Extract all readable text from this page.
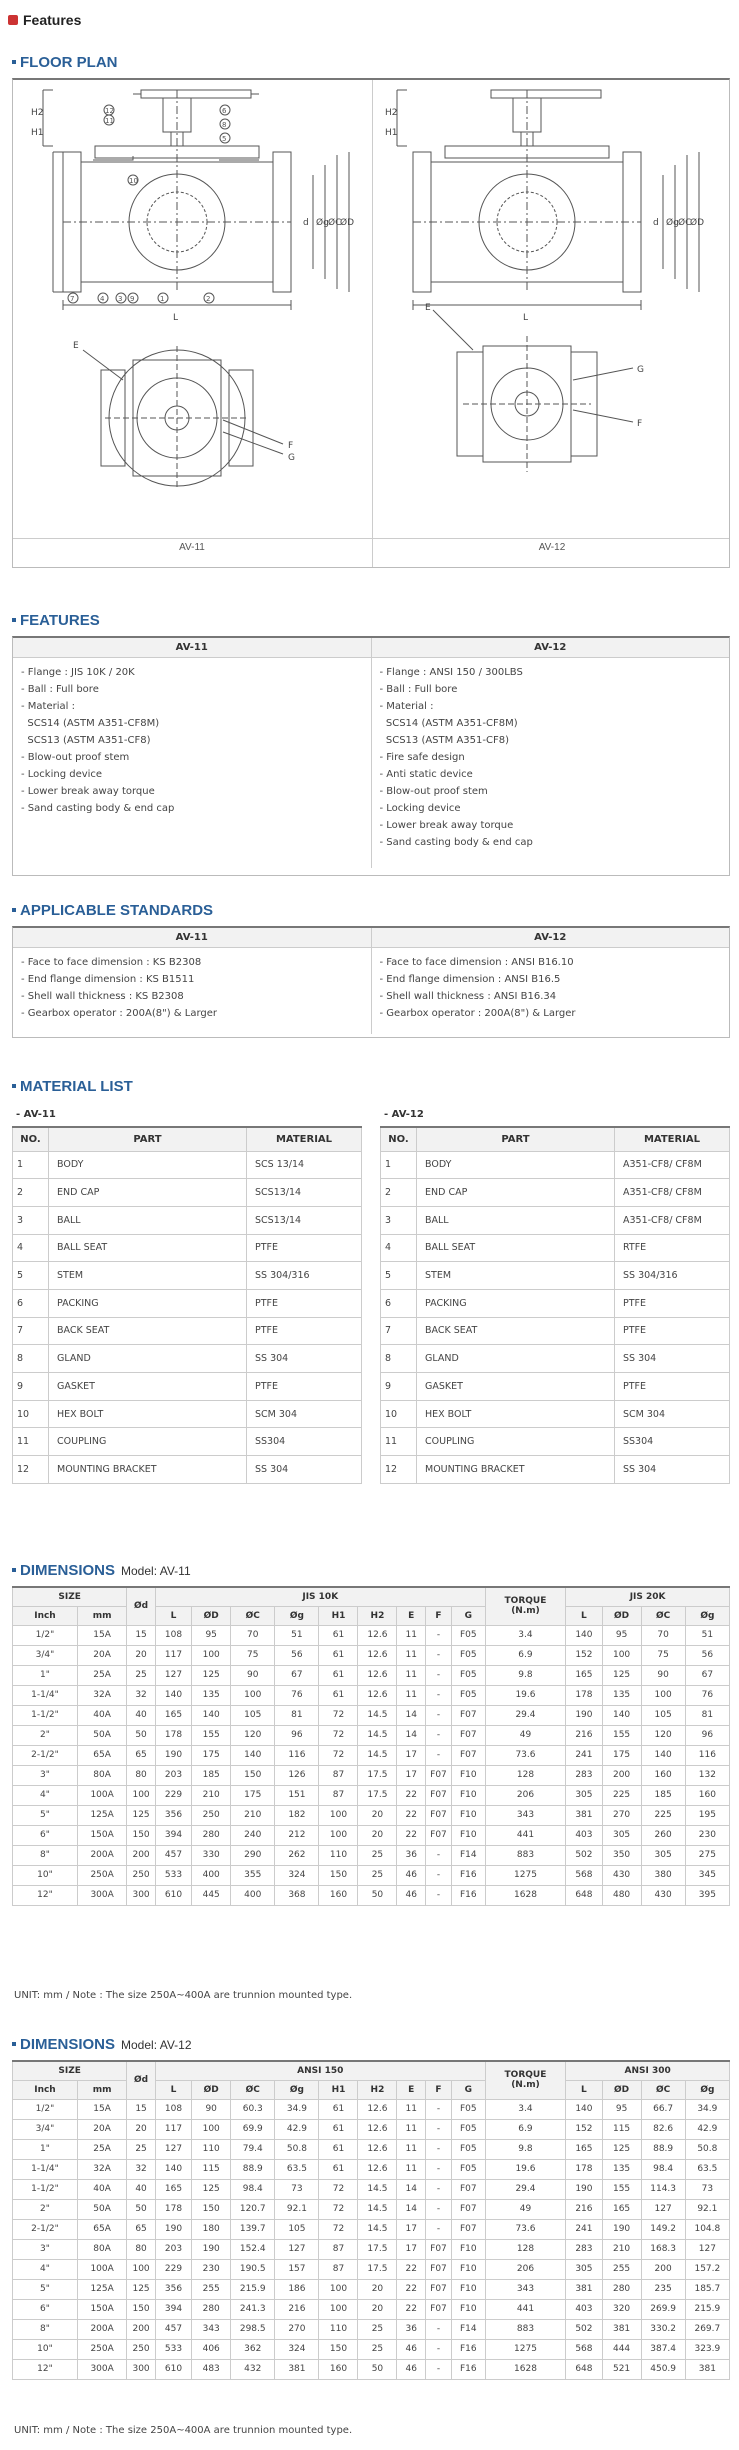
Features
FLOOR PLAN
4 3 9	1	2
7
6
8
5
10
11
12
H2
H1
L
d Øg ØC
ØD
E
F
G
H2
H1
L
d Øg ØC
ØD
E
G
F
AV-11	AV-12
FEATURES
AV-11	AV-12
- Flange : JIS 10K / 20K
- Ball : Full bore
- Material :
SCS14 (ASTM A351-CF8M)
SCS13 (ASTM A351-CF8)
- Blow-out proof stem
- Locking device
- Lower break away torque
- Sand casting body & end cap
- Flange : ANSI 150 / 300LBS
- Ball : Full bore
- Material :
SCS14 (ASTM A351-CF8M)
SCS13 (ASTM A351-CF8)
- Fire safe design
- Anti static device
- Blow-out proof stem
- Locking device
- Lower break away torque
- Sand casting body & end cap
APPLICABLE STANDARDS
AV-11	AV-12
- Face to face dimension : KS B2308
- End flange dimension : KS B1511
- Shell wall thickness : KS B2308
- Gearbox operator : 200A(8") & Larger
- Face to face dimension : ANSI B16.10
- End flange dimension : ANSI B16.5
- Shell wall thickness : ANSI B16.34
- Gearbox operator : 200A(8") & Larger
MATERIAL LIST
- AV-11	- AV-12
NO.	PART	MATERIAL
1	BODY	SCS 13/14
2	END CAP	SCS13/14
3	BALL	SCS13/14
4	BALL SEAT	PTFE
5	STEM	SS 304/316
6	PACKING	PTFE
7	BACK SEAT	PTFE
8	GLAND	SS 304
9	GASKET	PTFE
10	HEX BOLT	SCM 304
11	COUPLING	SS304
12	MOUNTING BRACKET	SS 304
NO.	PART	MATERIAL
1	BODY	A351-CF8/ CF8M
2	END CAP	A351-CF8/ CF8M
3	BALL	A351-CF8/ CF8M
4	BALL SEAT	RTFE
5	STEM	SS 304/316
6	PACKING	PTFE
7	BACK SEAT	PTFE
8	GLAND	SS 304
9	GASKET	PTFE
10	HEX BOLT	SCM 304
11	COUPLING	SS304
12	MOUNTING BRACKET	SS 304
DIMENSIONS Model: AV-11
SIZE		Ød	JIS 10K									TORQUE
(N.m)	JIS 20K			
Inch	mm		L	ØD	ØC	Øg	H1	H2	E	F	G		L	ØD	ØC	Øg
1/2"	15A	15	108	95	70	51	61	12.6	11	-	F05	3.4	140	95	70	51
3/4"	20A	20	117	100	75	56	61	12.6	11	-	F05	6.9	152	100	75	56
1"	25A	25	127	125	90	67	61	12.6	11	-	F05	9.8	165	125	90	67
1-1/4"	32A	32	140	135	100	76	61	12.6	11	-	F05	19.6	178	135	100	76
1-1/2"	40A	40	165	140	105	81	72	14.5	14	-	F07	29.4	190	140	105	81
2"	50A	50	178	155	120	96	72	14.5	14	-	F07	49	216	155	120	96
2-1/2"	65A	65	190	175	140	116	72	14.5	17	-	F07	73.6	241	175	140	116
3"	80A	80	203	185	150	126	87	17.5	17	F07	F10	128	283	200	160	132
4"	100A	100	229	210	175	151	87	17.5	22	F07	F10	206	305	225	185	160
5"	125A	125	356	250	210	182	100	20	22	F07	F10	343	381	270	225	195
6"	150A	150	394	280	240	212	100	20	22	F07	F10	441	403	305	260	230
8"	200A	200	457	330	290	262	110	25	36	-	F14	883	502	350	305	275
10"	250A	250	533	400	355	324	150	25	46	-	F16	1275	568	430	380	345
12"	300A	300	610	445	400	368	160	50	46	-	F16	1628	648	480	430	395
UNIT: mm / Note : The size 250A~400A are trunnion mounted type.
DIMENSIONS Model: AV-12
SIZE		Ød	ANSI 150									TORQUE
(N.m)	ANSI 300			
Inch	mm		L	ØD	ØC	Øg	H1	H2	E	F	G		L	ØD	ØC	Øg
1/2"	15A	15	108	90	60.3	34.9	61	12.6	11	-	F05	3.4	140	95	66.7	34.9
3/4"	20A	20	117	100	69.9	42.9	61	12.6	11	-	F05	6.9	152	115	82.6	42.9
1"	25A	25	127	110	79.4	50.8	61	12.6	11	-	F05	9.8	165	125	88.9	50.8
1-1/4"	32A	32	140	115	88.9	63.5	61	12.6	11	-	F05	19.6	178	135	98.4	63.5
1-1/2"	40A	40	165	125	98.4	73	72	14.5	14	-	F07	29.4	190	155	114.3	73
2"	50A	50	178	150	120.7	92.1	72	14.5	14	-	F07	49	216	165	127	92.1
2-1/2"	65A	65	190	180	139.7	105	72	14.5	17	-	F07	73.6	241	190	149.2	104.8
3"	80A	80	203	190	152.4	127	87	17.5	17	F07	F10	128	283	210	168.3	127
4"	100A	100	229	230	190.5	157	87	17.5	22	F07	F10	206	305	255	200	157.2
5"	125A	125	356	255	215.9	186	100	20	22	F07	F10	343	381	280	235	185.7
6"	150A	150	394	280	241.3	216	100	20	22	F07	F10	441	403	320	269.9	215.9
8"	200A	200	457	343	298.5	270	110	25	36	-	F14	883	502	381	330.2	269.7
10"	250A	250	533	406	362	324	150	25	46	-	F16	1275	568	444	387.4	323.9
12"	300A	300	610	483	432	381	160	50	46	-	F16	1628	648	521	450.9	381
UNIT: mm / Note : The size 250A~400A are trunnion mounted type.
